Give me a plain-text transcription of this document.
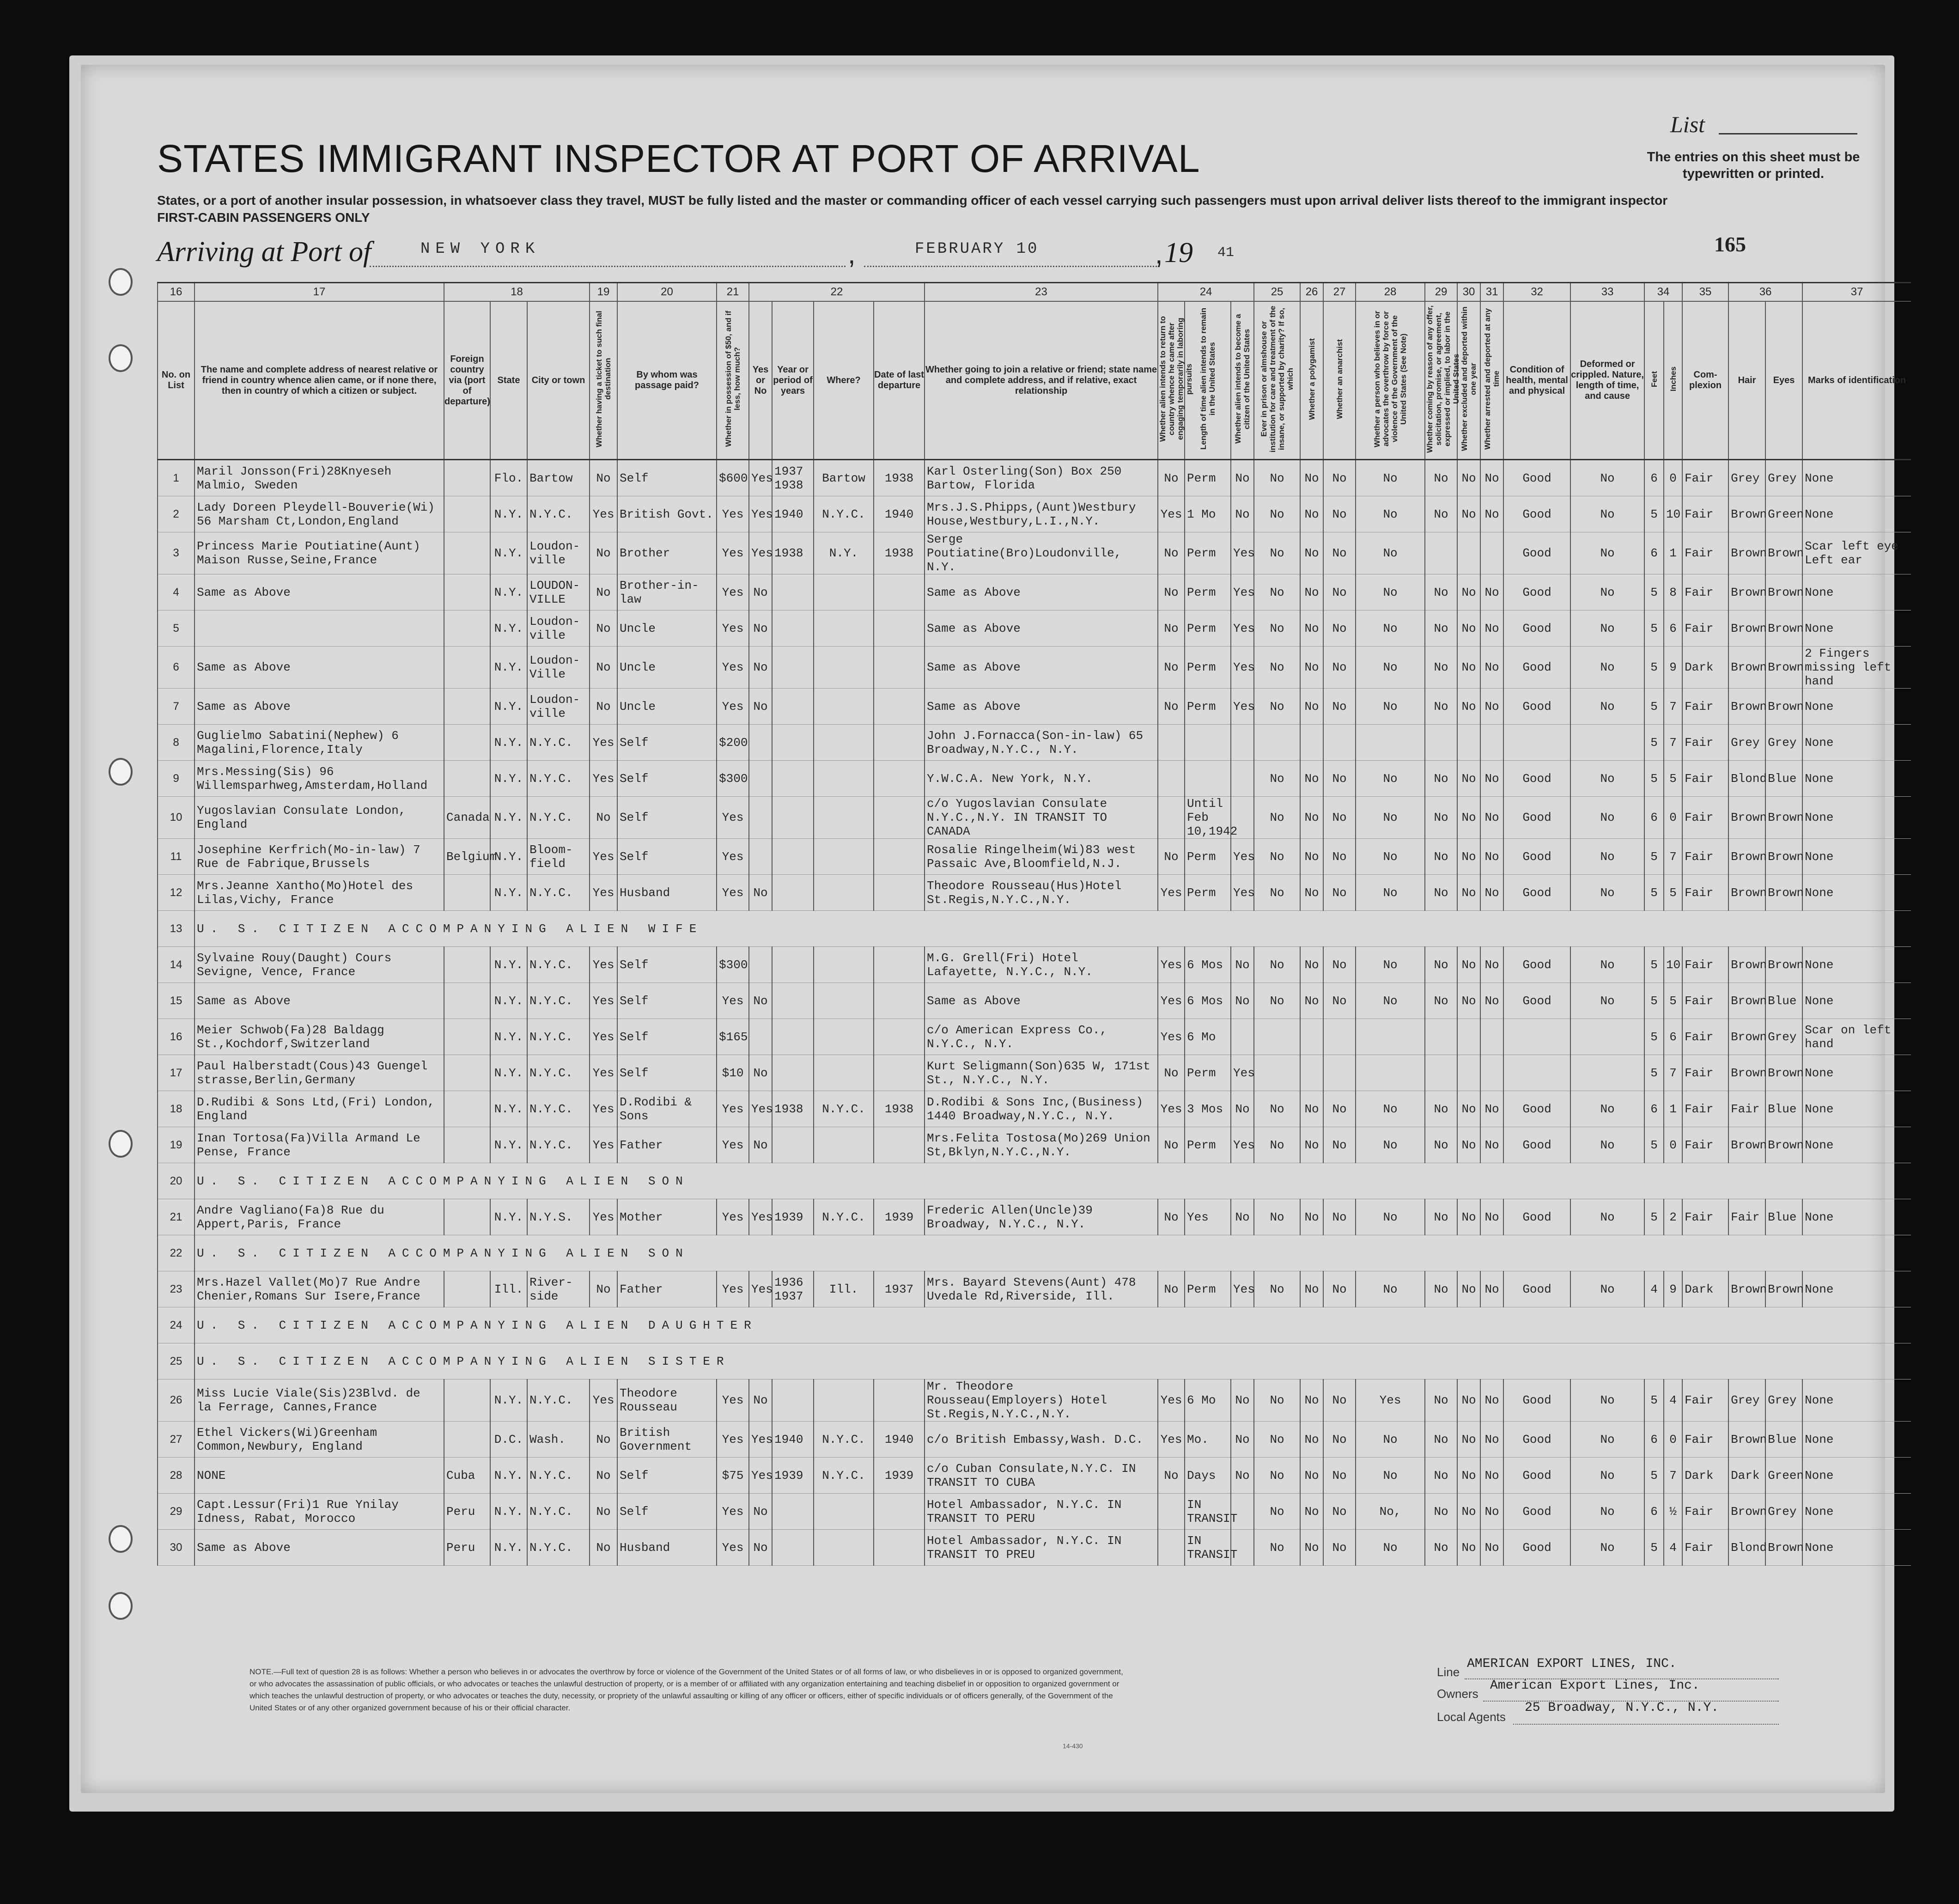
List
The entries on this sheet must be typewritten or printed.
STATES IMMIGRANT INSPECTOR AT PORT OF ARRIVAL
States, or a port of another insular possession, in whatsoever class they travel, MUST be fully listed and the master or commanding officer of each vessel carrying such passengers must upon arrival deliver lists thereof to the immigrant inspector
FIRST-CABIN PASSENGERS ONLY
Arriving at Port of	NEW YORK	,	FEBRUARY 10	, 19 41	165
16	17	18			19	20	21	22				23	24			25	26	27	28	29	30	31	32	33	34		35	36		37
No. on List	The name and complete address of nearest relative or friend in country whence alien came, or if none there, then in country of which a citizen or subject.	Foreign country via (port of departure)	State	City or town	Whether having a ticket to such final destination	By whom was passage paid?	Whether in possession of $50, and if less, how much?	Yes or No	Year or period of years	Where?	Date of last departure	Whether going to join a relative or friend; state name and complete address, and if relative, exact relationship	Whether alien intends to return to country whence he came after engaging temporarily in laboring pursuits	Length of time alien intends to remain in the United States	Whether alien intends to become a citizen of the United States	Ever in prison or almshouse or institution for care and treatment of the insane, or supported by charity? If so, which	Whether a polygamist	Whether an anarchist	Whether a person who believes in or advocates the overthrow by force or violence of the Government of the United States (See Note)	Whether coming by reason of any offer, solicitation, promise, or agreement, expressed or implied, to labor in the United States	Whether excluded and deported within one year	Whether arrested and deported at any time	Condition of health, mental and physical	Deformed or crippled. Nature, length of time, and cause	Feet	Inches	Com-plexion	Hair	Eyes	Marks of identification
1	Maril Jonsson(Fri)28Knyeseh Malmio, Sweden		Flo.	Bartow	No	Self	$600	Yes	1937 1938	Bartow	1938	Karl Osterling(Son) Box 250 Bartow, Florida	No	Perm	No	No	No	No	No	No	No	No	Good	No	6	0	Fair	Grey	Grey	None
2	Lady Doreen Pleydell-Bouverie(Wi) 56 Marsham Ct,London,England		N.Y.	N.Y.C.	Yes	British Govt.	Yes	Yes	1940	N.Y.C.	1940	Mrs.J.S.Phipps,(Aunt)Westbury House,Westbury,L.I.,N.Y.	Yes	1 Mo	No	No	No	No	No	No	No	No	Good	No	5	10	Fair	Brown	Green	None
3	Princess Marie Poutiatine(Aunt) Maison Russe,Seine,France		N.Y.	Loudon-ville	No	Brother	Yes	Yes	1938	N.Y.	1938	Serge Poutiatine(Bro)Loudonville, N.Y.	No	Perm	Yes	No	No	No	No				Good	No	6	1	Fair	Brown	Brown	Scar left eye Left ear
4	Same as Above		N.Y.	LOUDON-VILLE	No	Brother-in-law	Yes	No				Same as Above	No	Perm	Yes	No	No	No	No	No	No	No	Good	No	5	8	Fair	Brown	Brown	None
5			N.Y.	Loudon-ville	No	Uncle	Yes	No				Same as Above	No	Perm	Yes	No	No	No	No	No	No	No	Good	No	5	6	Fair	Brown	Brown	None
6	Same as Above		N.Y.	Loudon-Ville	No	Uncle	Yes	No				Same as Above	No	Perm	Yes	No	No	No	No	No	No	No	Good	No	5	9	Dark	Brown	Brown	2 Fingers missing left hand
7	Same as Above		N.Y.	Loudon-ville	No	Uncle	Yes	No				Same as Above	No	Perm	Yes	No	No	No	No	No	No	No	Good	No	5	7	Fair	Brown	Brown	None
8	Guglielmo Sabatini(Nephew) 6 Magalini,Florence,Italy		N.Y.	N.Y.C.	Yes	Self	$200					John J.Fornacca(Son-in-law) 65 Broadway,N.Y.C., N.Y.													5	7	Fair	Grey	Grey	None
9	Mrs.Messing(Sis) 96 Willemsparhweg,Amsterdam,Holland		N.Y.	N.Y.C.	Yes	Self	$300					Y.W.C.A. New York, N.Y.				No	No	No	No	No	No	No	Good	No	5	5	Fair	Blond	Blue	None
10	Yugoslavian Consulate London, England	Canada	N.Y.	N.Y.C.	No	Self	Yes					c/o Yugoslavian Consulate N.Y.C.,N.Y. IN TRANSIT TO CANADA		Until Feb 10,1942		No	No	No	No	No	No	No	Good	No	6	0	Fair	Brown	Brown	None
11	Josephine Kerfrich(Mo-in-law) 7 Rue de Fabrique,Brussels	Belgium	N.Y.	Bloom-field	Yes	Self	Yes					Rosalie Ringelheim(Wi)83 west Passaic Ave,Bloomfield,N.J.	No	Perm	Yes	No	No	No	No	No	No	No	Good	No	5	7	Fair	Brown	Brown	None
12	Mrs.Jeanne Xantho(Mo)Hotel des Lilas,Vichy, France		N.Y.	N.Y.C.	Yes	Husband	Yes	No				Theodore Rousseau(Hus)Hotel St.Regis,N.Y.C.,N.Y.	Yes	Perm	Yes	No	No	No	No	No	No	No	Good	No	5	5	Fair	Brown	Brown	None
13	U. S. CITIZEN ACCOMPANYING ALIEN WIFE																													
14	Sylvaine Rouy(Daught) Cours Sevigne, Vence, France		N.Y.	N.Y.C.	Yes	Self	$300					M.G. Grell(Fri) Hotel Lafayette, N.Y.C., N.Y.	Yes	6 Mos	No	No	No	No	No	No	No	No	Good	No	5	10	Fair	Brown	Brown	None
15	Same as Above		N.Y.	N.Y.C.	Yes	Self	Yes	No				Same as Above	Yes	6 Mos	No	No	No	No	No	No	No	No	Good	No	5	5	Fair	Brown	Blue	None
16	Meier Schwob(Fa)28 Baldagg St.,Kochdorf,Switzerland		N.Y.	N.Y.C.	Yes	Self	$165					c/o American Express Co., N.Y.C., N.Y.	Yes	6 Mo											5	6	Fair	Brown	Grey	Scar on left hand
17	Paul Halberstadt(Cous)43 Guengel strasse,Berlin,Germany		N.Y.	N.Y.C.	Yes	Self	$10	No				Kurt Seligmann(Son)635 W, 171st St., N.Y.C., N.Y.	No	Perm	Yes										5	7	Fair	Brown	Brown	None
18	D.Rudibi & Sons Ltd,(Fri) London, England		N.Y.	N.Y.C.	Yes	D.Rodibi & Sons	Yes	Yes	1938	N.Y.C.	1938	D.Rodibi & Sons Inc,(Business) 1440 Broadway,N.Y.C., N.Y.	Yes	3 Mos	No	No	No	No	No	No	No	No	Good	No	6	1	Fair	Fair	Blue	None
19	Inan Tortosa(Fa)Villa Armand Le Pense, France		N.Y.	N.Y.C.	Yes	Father	Yes	No				Mrs.Felita Tostosa(Mo)269 Union St,Bklyn,N.Y.C.,N.Y.	No	Perm	Yes	No	No	No	No	No	No	No	Good	No	5	0	Fair	Brown	Brown	None
20	U. S. CITIZEN ACCOMPANYING ALIEN SON																													
21	Andre Vagliano(Fa)8 Rue du Appert,Paris, France		N.Y.	N.Y.S.	Yes	Mother	Yes	Yes	1939	N.Y.C.	1939	Frederic Allen(Uncle)39 Broadway, N.Y.C., N.Y.	No	Yes	No	No	No	No	No	No	No	No	Good	No	5	2	Fair	Fair	Blue	None
22	U. S. CITIZEN ACCOMPANYING ALIEN SON																													
23	Mrs.Hazel Vallet(Mo)7 Rue Andre Chenier,Romans Sur Isere,France		Ill.	River-side	No	Father	Yes	Yes	1936 1937	Ill.	1937	Mrs. Bayard Stevens(Aunt) 478 Uvedale Rd,Riverside, Ill.	No	Perm	Yes	No	No	No	No	No	No	No	Good	No	4	9	Dark	Brown	Brown	None
24	U. S. CITIZEN ACCOMPANYING ALIEN DAUGHTER																													
25	U. S. CITIZEN ACCOMPANYING ALIEN SISTER																													
26	Miss Lucie Viale(Sis)23Blvd. de la Ferrage, Cannes,France		N.Y.	N.Y.C.	Yes	Theodore Rousseau	Yes	No				Mr. Theodore Rousseau(Employers) Hotel St.Regis,N.Y.C.,N.Y.	Yes	6 Mo	No	No	No	No	Yes	No	No	No	Good	No	5	4	Fair	Grey	Grey	None
27	Ethel Vickers(Wi)Greenham Common,Newbury, England		D.C.	Wash.	No	British Government	Yes	Yes	1940	N.Y.C.	1940	c/o British Embassy,Wash. D.C.	Yes	Mo.	No	No	No	No	No	No	No	No	Good	No	6	0	Fair	Brown	Blue	None
28	NONE	Cuba	N.Y.	N.Y.C.	No	Self	$75	Yes	1939	N.Y.C.	1939	c/o Cuban Consulate,N.Y.C. IN TRANSIT TO CUBA	No	Days	No	No	No	No	No	No	No	No	Good	No	5	7	Dark	Dark	Green	None
29	Capt.Lessur(Fri)1 Rue Ynilay Idness, Rabat, Morocco	Peru	N.Y.	N.Y.C.	No	Self	Yes	No				Hotel Ambassador, N.Y.C. IN TRANSIT TO PERU		IN TRANSIT		No	No	No	No,	No	No	No	Good	No	6	½	Fair	Brown	Grey	None
30	Same as Above	Peru	N.Y.	N.Y.C.	No	Husband	Yes	No				Hotel Ambassador, N.Y.C. IN TRANSIT TO PREU		IN TRANSIT		No	No	No	No	No	No	No	Good	No	5	4	Fair	Blond	Brown	None
NOTE.—Full text of question 28 is as follows: Whether a person who believes in or advocates the overthrow by force or violence of the Government of the United States or of all forms of law, or who disbelieves in or is opposed to organized government, or who advocates the assassination of public officials, or who advocates or teaches the unlawful destruction of property, or is a member of or affiliated with any organization entertaining and teaching disbelief in or opposition to organized government or which teaches the unlawful destruction of property, or who advocates or teaches the duty, necessity, or propriety of the unlawful assaulting or killing of any officer or officers, either of specific individuals or of officers generally, of the Government of the United States or of any other organized government because of his or their official character.
14-430
Line
AMERICAN EXPORT LINES, INC.
Owners
American Export Lines, Inc.
Local Agents
25 Broadway, N.Y.C., N.Y.
